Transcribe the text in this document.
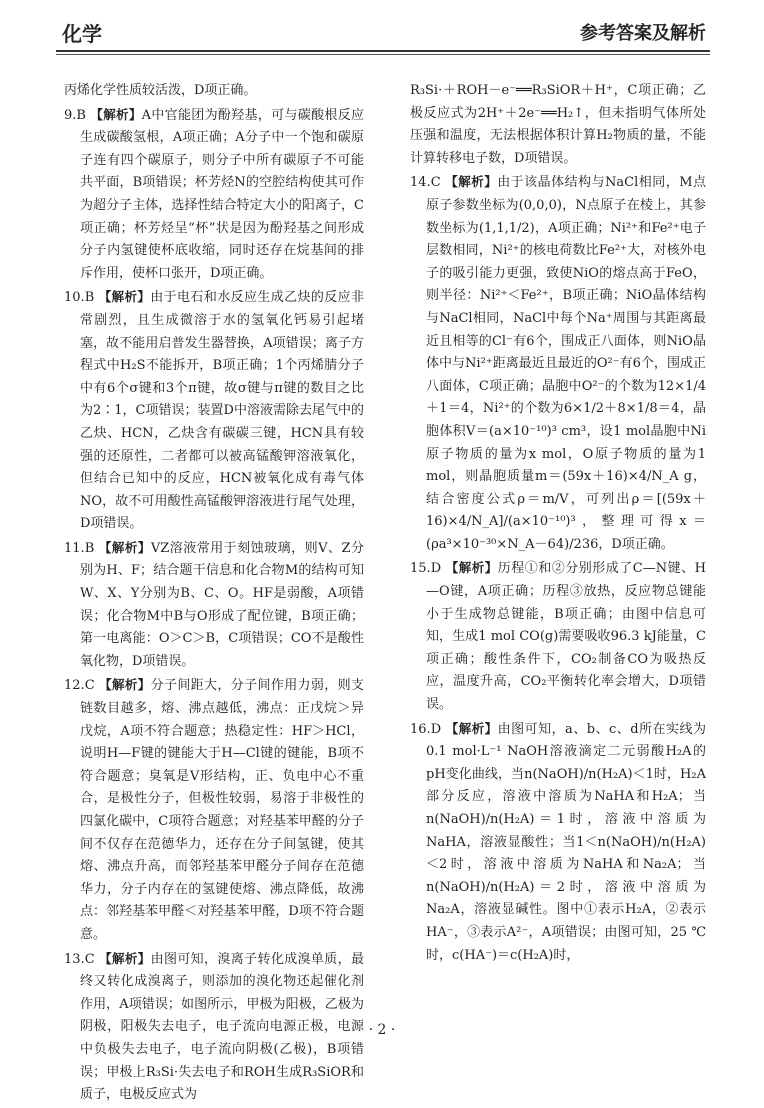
化学	参考答案及解析
丙烯化学性质较活泼，D项正确。
9.B 【解析】A中官能团为酚羟基，可与碳酸根反应生成碳酸氢根，A项正确；A分子中一个饱和碳原子连有四个碳原子，则分子中所有碳原子不可能共平面，B项错误；杯芳烃N的空腔结构使其可作为超分子主体，选择性结合特定大小的阳离子，C项正确；杯芳烃呈“杯”状是因为酚羟基之间形成分子内氢键使杯底收缩，同时还存在烷基间的排斥作用，使杯口张开，D项正确。
10.B 【解析】由于电石和水反应生成乙炔的反应非常剧烈，且生成微溶于水的氢氧化钙易引起堵塞，故不能用启普发生器替换，A项错误；离子方程式中H₂S不能拆开，B项正确；1个丙烯腈分子中有6个σ键和3个π键，故σ键与π键的数目之比为2∶1，C项错误；装置D中溶液需除去尾气中的乙炔、HCN，乙炔含有碳碳三键，HCN具有较强的还原性，二者都可以被高锰酸钾溶液氧化，但结合已知中的反应，HCN被氧化成有毒气体NO，故不可用酸性高锰酸钾溶液进行尾气处理，D项错误。
11.B 【解析】VZ溶液常用于刻蚀玻璃，则V、Z分别为H、F；结合题干信息和化合物M的结构可知W、X、Y分别为B、C、O。HF是弱酸，A项错误；化合物M中B与O形成了配位键，B项正确；第一电离能：O＞C＞B，C项错误；CO不是酸性氧化物，D项错误。
12.C 【解析】分子间距大，分子间作用力弱，则支链数目越多，熔、沸点越低，沸点：正戊烷＞异戊烷，A项不符合题意；热稳定性：HF＞HCl，说明H—F键的键能大于H—Cl键的键能，B项不符合题意；臭氧是V形结构，正、负电中心不重合，是极性分子，但极性较弱，易溶于非极性的四氯化碳中，C项符合题意；对羟基苯甲醛的分子间不仅存在范德华力，还存在分子间氢键，使其熔、沸点升高，而邻羟基苯甲醛分子间存在范德华力，分子内存在的氢键使熔、沸点降低，故沸点：邻羟基苯甲醛＜对羟基苯甲醛，D项不符合题意。
13.C 【解析】由图可知，溴离子转化成溴单质，最终又转化成溴离子，则添加的溴化物还起催化剂作用，A项错误；如图所示，甲极为阳极，乙极为阴极，阳极失去电子，电子流向电源正极，电源中负极失去电子，电子流向阴极(乙极)，B项错误；甲极上R₃Si·失去电子和ROH生成R₃SiOR和质子，电极反应式为
R₃Si·＋ROH－e⁻══R₃SiOR＋H⁺，C项正确；乙极反应式为2H⁺＋2e⁻══H₂↑，但未指明气体所处压强和温度，无法根据体积计算H₂物质的量，不能计算转移电子数，D项错误。
14.C 【解析】由于该晶体结构与NaCl相同，M点原子参数坐标为(0,0,0)，N点原子在棱上，其参数坐标为(1,1,1/2)，A项正确；Ni²⁺和Fe²⁺电子层数相同，Ni²⁺的核电荷数比Fe²⁺大，对核外电子的吸引能力更强，致使NiO的熔点高于FeO，则半径：Ni²⁺＜Fe²⁺，B项正确；NiO晶体结构与NaCl相同，NaCl中每个Na⁺周围与其距离最近且相等的Cl⁻有6个，围成正八面体，则NiO晶体中与Ni²⁺距离最近且最近的O²⁻有6个，围成正八面体，C项正确；晶胞中O²⁻的个数为12×1/4＋1＝4，Ni²⁺的个数为6×1/2＋8×1/8＝4，晶胞体积V＝(a×10⁻¹⁰)³ cm³，设1 mol晶胞中Ni原子物质的量为x mol，O原子物质的量为1 mol，则晶胞质量m＝(59x＋16)×4/N_A g，结合密度公式ρ＝m/V，可列出ρ＝[(59x＋16)×4/N_A]/(a×10⁻¹⁰)³，整理可得x＝(ρa³×10⁻³⁰×N_A－64)/236，D项正确。
15.D 【解析】历程①和②分别形成了C—N键、H—O键，A项正确；历程③放热，反应物总键能小于生成物总键能，B项正确；由图中信息可知，生成1 mol CO(g)需要吸收96.3 kJ能量，C项正确；酸性条件下，CO₂制备CO为吸热反应，温度升高，CO₂平衡转化率会增大，D项错误。
16.D 【解析】由图可知，a、b、c、d所在实线为0.1 mol·L⁻¹ NaOH溶液滴定二元弱酸H₂A的pH变化曲线，当n(NaOH)/n(H₂A)＜1时，H₂A部分反应，溶液中溶质为NaHA和H₂A；当n(NaOH)/n(H₂A)＝1时，溶液中溶质为NaHA，溶液显酸性；当1＜n(NaOH)/n(H₂A)＜2时，溶液中溶质为NaHA和Na₂A；当n(NaOH)/n(H₂A)＝2时，溶液中溶质为Na₂A，溶液显碱性。图中①表示H₂A，②表示HA⁻，③表示A²⁻，A项错误；由图可知，25 ℃时，c(HA⁻)＝c(H₂A)时，
· 2 ·
